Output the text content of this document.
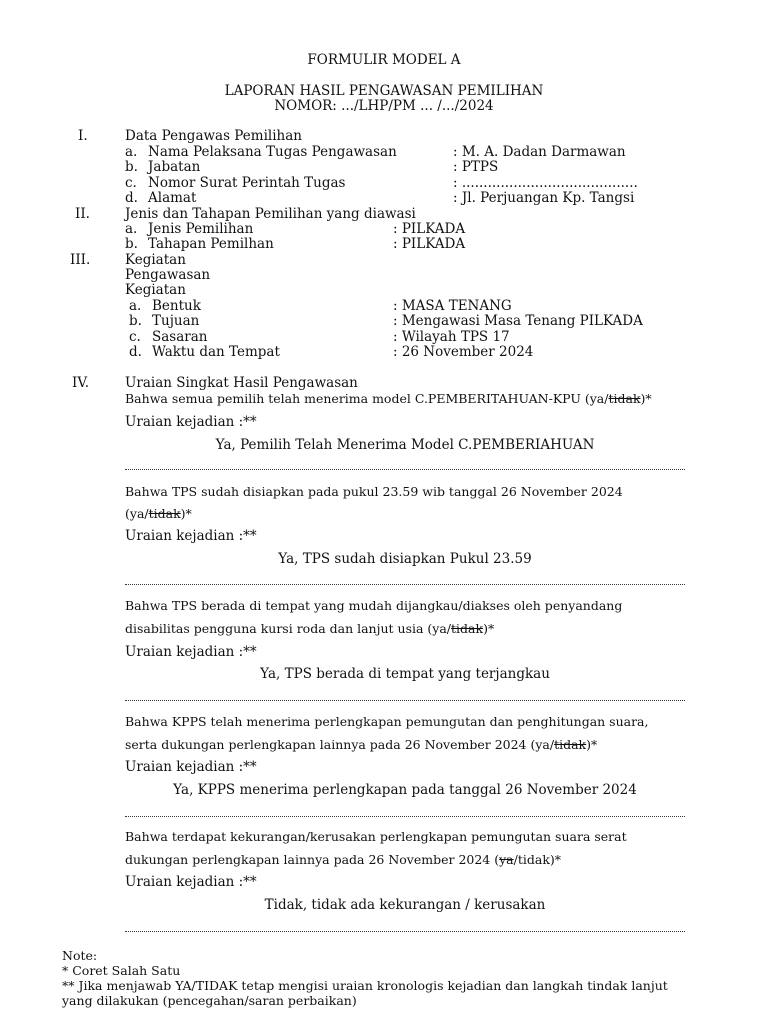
FORMULIR MODEL A
LAPORAN HASIL PENGAWASAN PEMILIHAN
NOMOR: .../LHP/PM ... /.../2024
I.	Data Pengawas Pemilihan
a. Nama Pelaksana Tugas Pengawasan	: M. A. Dadan Darmawan
b. Jabatan	: PTPS
c. Nomor Surat Perintah Tugas	: .........................................
d. Alamat	: Jl. Perjuangan Kp. Tangsi
II.	Jenis dan Tahapan Pemilihan yang diawasi
a. Jenis Pemilihan	: PILKADA
b. Tahapan Pemilhan	: PILKADA
III.	Kegiatan
Pengawasan
Kegiatan
a. Bentuk	: MASA TENANG
b. Tujuan	: Mengawasi Masa Tenang PILKADA
c. Sasaran	: Wilayah TPS 17
d. Waktu dan Tempat	: 26 November 2024
IV.	Uraian Singkat Hasil Pengawasan
Bahwa semua pemilih telah menerima model C.PEMBERITAHUAN-KPU (ya/tidak)*
Uraian kejadian :**
Ya, Pemilih Telah Menerima Model C.PEMBERIAHUAN
Bahwa TPS sudah disiapkan pada pukul 23.59 wib tanggal 26 November 2024
(ya/tidak)*
Uraian kejadian :**
Ya, TPS sudah disiapkan Pukul 23.59
Bahwa TPS berada di tempat yang mudah dijangkau/diakses oleh penyandang
disabilitas pengguna kursi roda dan lanjut usia (ya/tidak)*
Uraian kejadian :**
Ya, TPS berada di tempat yang terjangkau
Bahwa KPPS telah menerima perlengkapan pemungutan dan penghitungan suara,
serta dukungan perlengkapan lainnya pada 26 November 2024 (ya/tidak)*
Uraian kejadian :**
Ya, KPPS menerima perlengkapan pada tanggal 26 November 2024
Bahwa terdapat kekurangan/kerusakan perlengkapan pemungutan suara serat
dukungan perlengkapan lainnya pada 26 November 2024 (ya/tidak)*
Uraian kejadian :**
Tidak, tidak ada kekurangan / kerusakan
Note:
* Coret Salah Satu
** Jika menjawab YA/TIDAK tetap mengisi uraian kronologis kejadian dan langkah tindak lanjut
yang dilakukan (pencegahan/saran perbaikan)
